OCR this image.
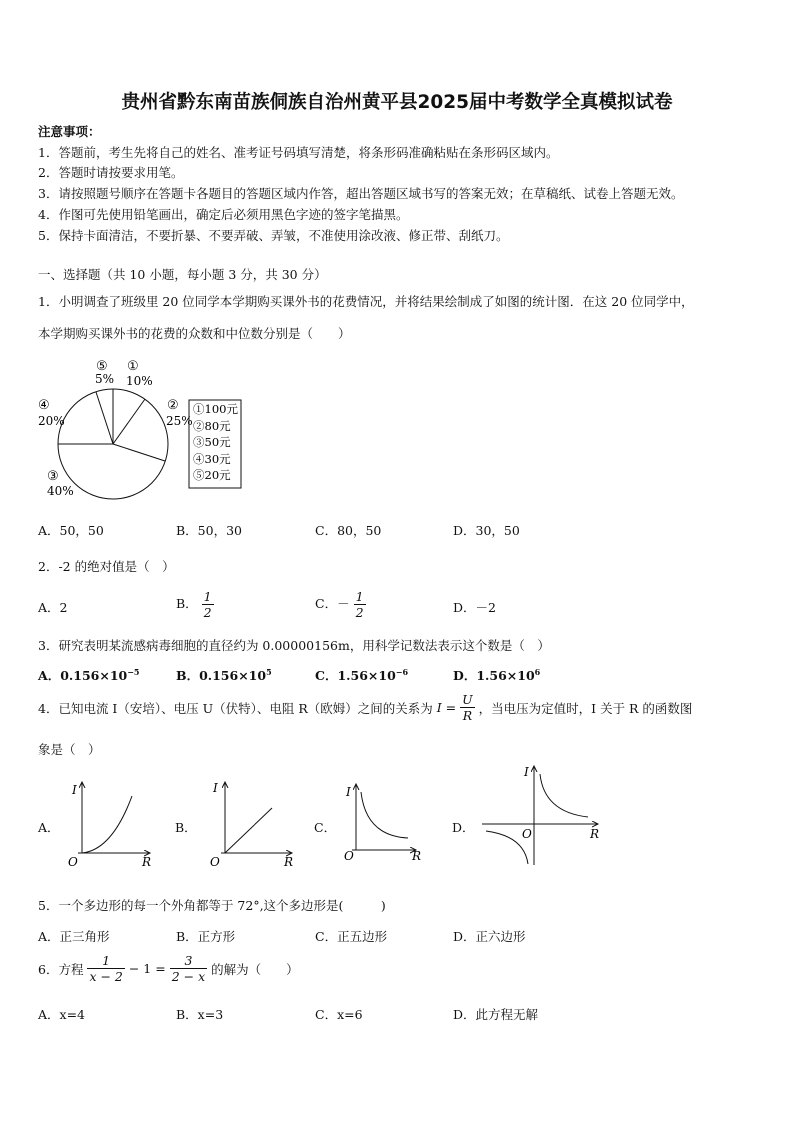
贵州省黔东南苗族侗族自治州黄平县2025届中考数学全真模拟试卷
注意事项：
1．答题前，考生先将自己的姓名、准考证号码填写清楚，将条形码准确粘贴在条形码区域内。
2．答题时请按要求用笔。
3．请按照题号顺序在答题卡各题目的答题区域内作答，超出答题区域书写的答案无效；在草稿纸、试卷上答题无效。
4．作图可先使用铅笔画出，确定后必须用黑色字迹的签字笔描黑。
5．保持卡面清洁，不要折暴、不要弄破、弄皱，不准使用涂改液、修正带、刮纸刀。
一、选择题（共 10 小题，每小题 3 分，共 30 分）
1．小明调查了班级里 20 位同学本学期购买课外书的花费情况，并将结果绘制成了如图的统计图．在这 20 位同学中，
本学期购买课外书的花费的众数和中位数分别是（　　）
⑤
5%
①
10%
②
25%
④
20%
③
40%
①100元
②80元
③50元
④30元
⑤20元
A．50，50	B．50，30	C．80，50	D．30，50
2．-2 的绝对值是（　）
A．2	B． $\frac{1}{2}$	C．－ $\frac{1}{2}$	D．－2
3．研究表明某流感病毒细胞的直径约为 0.00000156m，用科学记数法表示这个数是（　）
A．$0.156\times 10^{-5}$	B．$0.156\times 10^5$	C．$1.56\times 10^{-6}$	D．$1.56\times 10^6$
4．已知电流 I（安培）、电压 U（伏特）、电阻 R（欧姆）之间的关系为 $I = \frac{U}{R}$ ，当电压为定值时，I 关于 R 的函数图
象是（　）
A．	B．	C．	D．
I
R
O
I
R
O
I
R
O
I
R
O
5．一个多边形的每一个外角都等于 72°,这个多边形是(　　　)
A．正三角形	B．正方形	C．正五边形	D．正六边形
6．方程 $\frac{1}{x - 2} - 1 = \frac{3}{2 - x}$ 的解为（　　）
A．x=4	B．x=3	C．x=6	D．此方程无解
